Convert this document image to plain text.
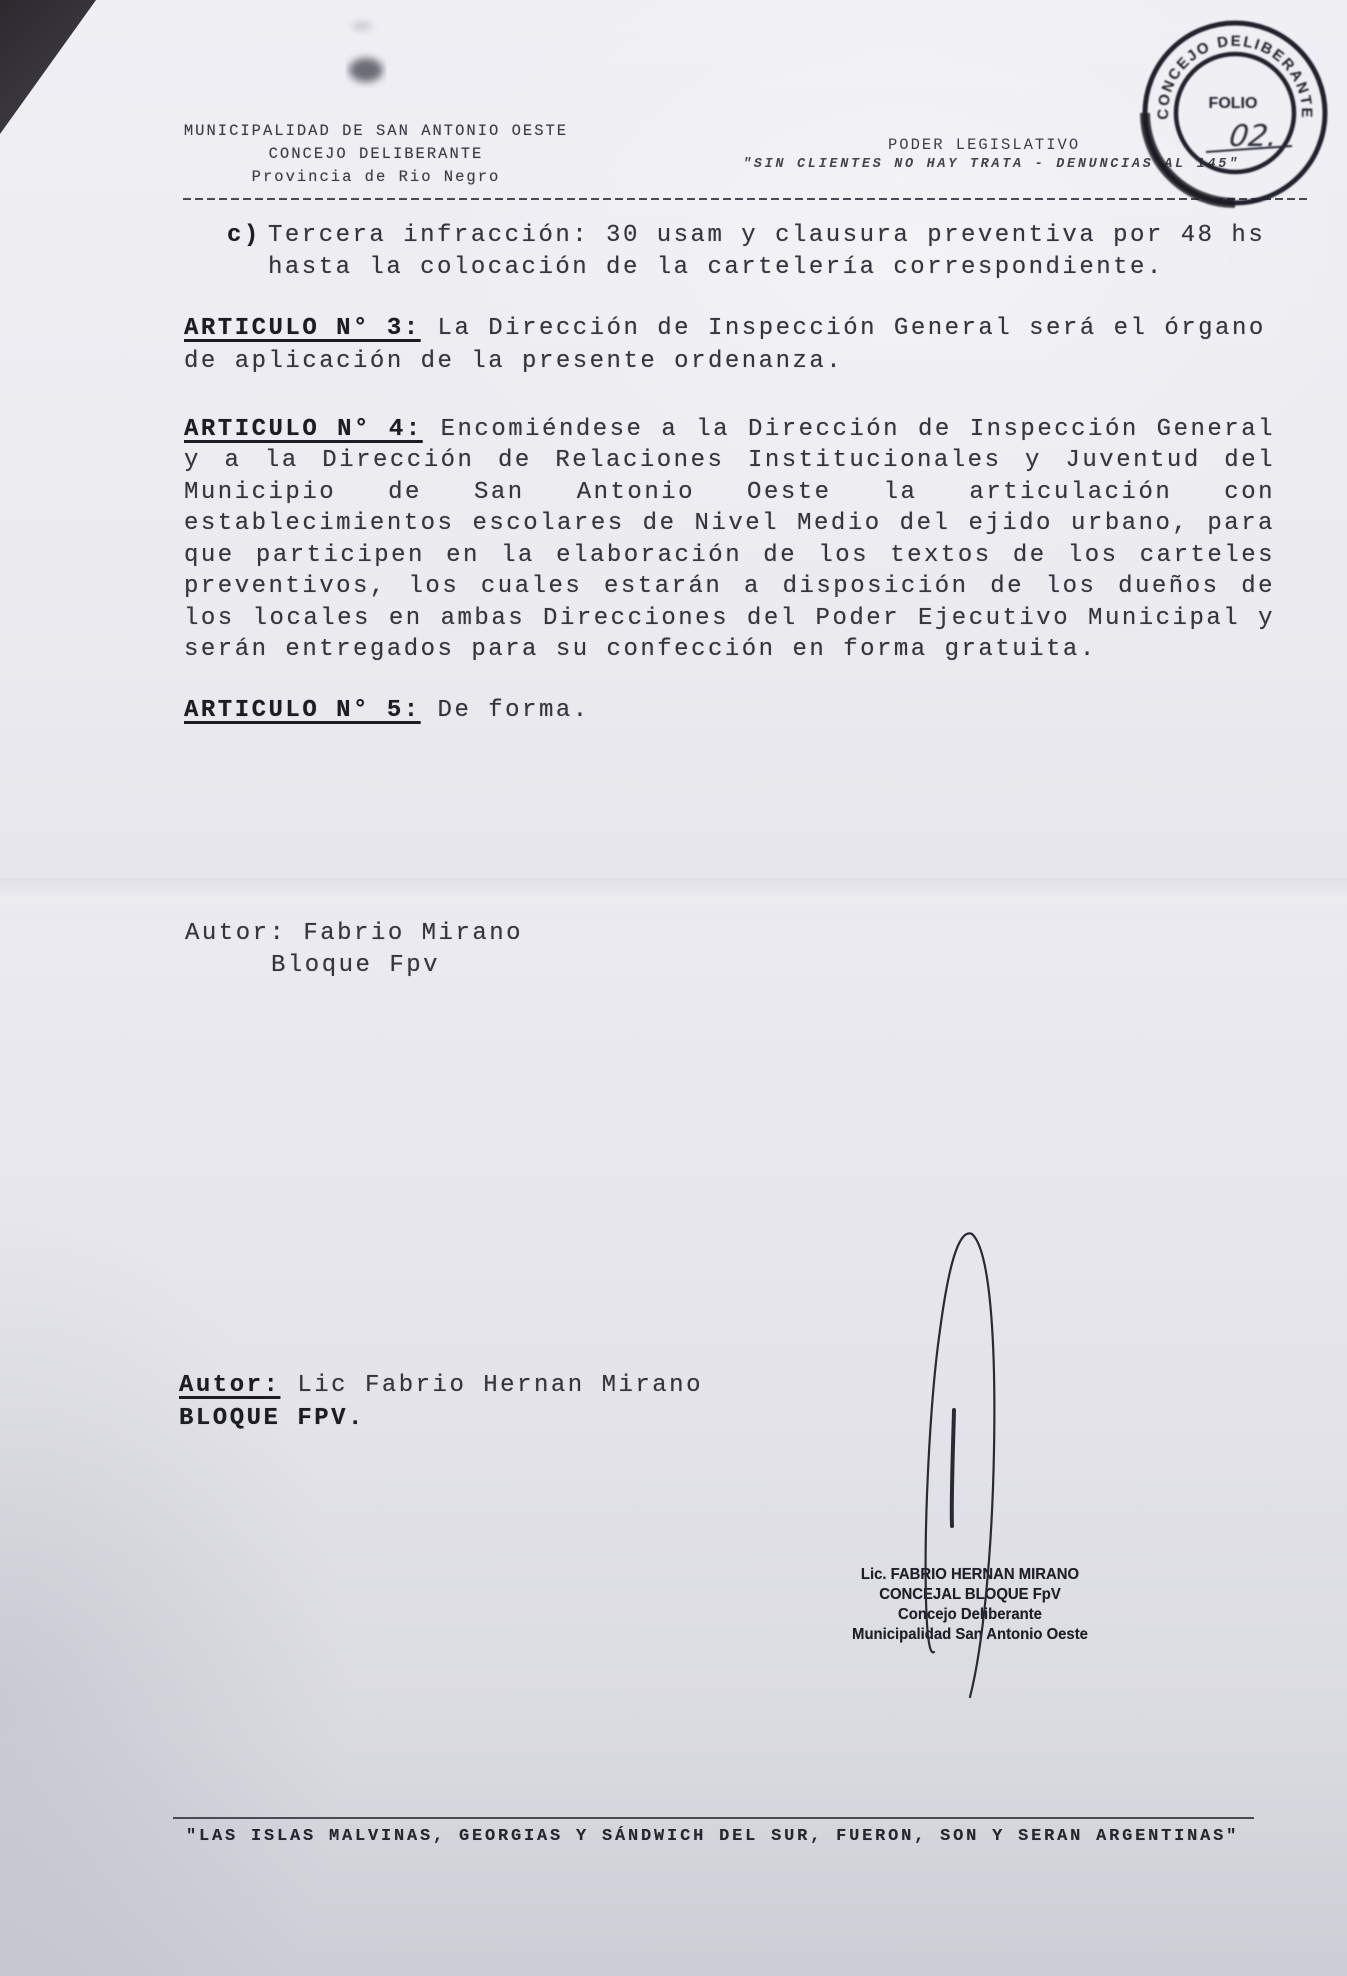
MUNICIPALIDAD DE SAN ANTONIO OESTE
CONCEJO DELIBERANTE
Provincia de Rio Negro
PODER LEGISLATIVO
"SIN CLIENTES NO HAY TRATA - DENUNCIAS AL 145"
c) Tercera infracción: 30 usam y clausura preventiva por 48 hs
hasta la colocación de la cartelería correspondiente.
ARTICULO N° 3: La Dirección de Inspección General será el órgano
de aplicación de la presente ordenanza.
ARTICULO N° 4: Encomiéndese a la Dirección de Inspección General
y a la Dirección de Relaciones Institucionales y Juventud del
Municipio de San Antonio Oeste la articulación con
establecimientos escolares de Nivel Medio del ejido urbano, para
que participen en la elaboración de los textos de los carteles
preventivos, los cuales estarán a disposición de los dueños de
los locales en ambas Direcciones del Poder Ejecutivo Municipal y
serán entregados para su confección en forma gratuita.
ARTICULO N° 5: De forma.
Autor: Fabrio Mirano
Bloque Fpv
Autor: Lic Fabrio Hernan Mirano
BLOQUE FPV.
Lic. FABRIO HERNAN MIRANO
CONCEJAL BLOQUE FpV
Concejo Deliberante
Municipalidad San Antonio Oeste
"LAS ISLAS MALVINAS, GEORGIAS Y SÁNDWICH DEL SUR, FUERON, SON Y SERAN ARGENTINAS"
CONCEJO DELIBERANTE
FOLIO
02.
